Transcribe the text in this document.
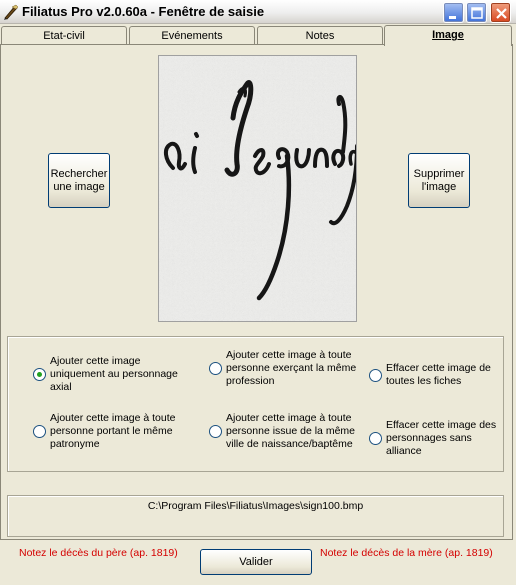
Filiatus Pro v2.0.60a - Fenêtre de saisie
Etat-civil	Evénements	Notes	Image
Rechercher
une image
Supprimer
l'image
Ajouter cette image uniquement au personnage axial
Ajouter cette image à toute personne exerçant la même profession
Effacer cette image de toutes les fiches
Ajouter cette image à toute personne portant le même patronyme
Ajouter cette image à toute personne issue de la même ville de naissance/baptême
Effacer cette image des personnages sans alliance
C:\Program Files\Filiatus\Images\sign100.bmp
Notez le décès du père (ap. 1819)
Valider
Notez le décès de la mère (ap. 1819)
